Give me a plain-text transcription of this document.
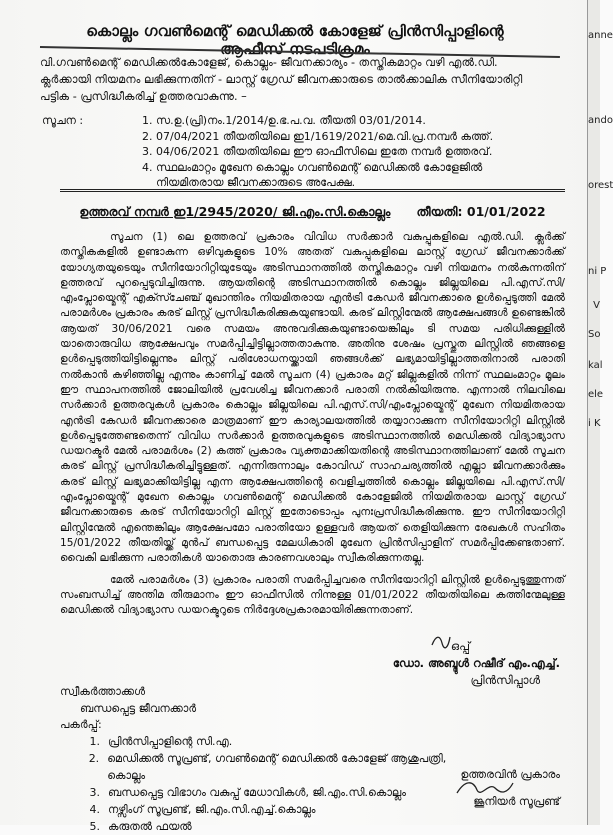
കൊല്ലം ഗവൺമെന്റ് മെഡിക്കൽ കോളേജ് പ്രിൻസിപ്പാളിന്റെ ആഫീസ് നടപടിക്രമം
വി.ഗവൺമെന്റ് മെഡിക്കൽകോളേജ്, കൊല്ലം- ജീവനക്കാര്യം - തസ്തികമാറ്റം വഴി എൽ.ഡി. ക്ലർക്കായി നിയമനം ലഭിക്കുന്നതിന് - ലാസ്റ്റ് ഗ്രേഡ് ജീവനക്കാരുടെ താൽക്കാലിക സീനിയോരിറ്റി പട്ടിക - പ്രസിദ്ധീകരിച്ച് ഉത്തരവാകുന്നു. –
സൂചന :	1. സ.ഉ.(പ്രി)നം.1/2014/ഉ.ഭ.പ.വ. തീയതി 03/01/2014.
2. 07/04/2021 തീയതിയിലെ ഇ1/1619/2021/മെ.വി.പ്ര.നമ്പർ കത്ത്.
3. 04/06/2021 തീയതിയിലെ ഈ ഓഫീസിലെ ഇതേ നമ്പർ ഉത്തരവ്.
4. സ്ഥലംമാറ്റം മൂഖേന കൊല്ലം ഗവൺമെന്റ് മെഡിക്കൽ കോളേജിൽ
നിയമിതരായ ജീവനക്കാരുടെ അപേക്ഷ.
ഉത്തരവ് നമ്പർ ഇ1/2945/2020/ ജി.എം.സി.കൊല്ലം തീയതി: 01/01/2022

സൂചന (1) ലെ ഉത്തരവ് പ്രകാരം വിവിധ സർക്കാർ വകുപ്പുകളിലെ എൽ.ഡി. ക്ലർക്ക് തസ്തികകളിൽ ഉണ്ടാകുന്ന ഒഴിവുകളുടെ 10% അതത് വകുപ്പുകളിലെ ലാസ്റ്റ് ഗ്രേഡ് ജീവനക്കാർക്ക് യോഗ്യതയുടെയും സീനിയോറിറ്റിയുടേയും അടിസ്ഥാനത്തിൽ തസ്തികമാറ്റം വഴി നിയമനം നൽകുന്നതിന് ഉത്തരവ് പുറപ്പെടുവിച്ചിരുന്നു. ആയതിന്റെ അടിസ്ഥാനത്തിൽ കൊല്ലം ജില്ലയിലെ പി.എസ്.സി/എംപ്ലോയ്മെന്റ് എക്സ്ചേഞ്ച് മുഖാന്തിരം നിയമിതരായ എൻട്രി കേഡർ ജീവനക്കാരെ ഉൾപ്പെടുത്തി മേൽ പരാമർശം പ്രകാരം കരട് ലിസ്റ്റ് പ്രസിദ്ധീകരിക്കുകയുണ്ടായി. കരട് ലിസ്റ്റിന്മേൽ ആക്ഷേപങ്ങൾ ഉണ്ടെങ്കിൽ ആയത് 30/06/2021 വരെ സമയം അനുവദിക്കുകയുണ്ടായെങ്കിലും ടി സമയ പരിധിക്കുള്ളിൽ യാതൊരുവിധ ആക്ഷേപവും സമർപ്പിച്ചിട്ടില്ലാത്തതാകുന്നു. അതിനു ശേഷം പ്രസ്തുത ലിസ്റ്റിൽ ഞങ്ങളെ ഉൾപ്പെടുത്തിയിട്ടില്ലെന്നും ലിസ്റ്റ് പരിശോധനയ്ക്കായി ഞങ്ങൾക്ക് ലഭ്യമായിട്ടില്ലാത്തതിനാൽ പരാതി നൽകാൻ കഴിഞ്ഞില്ല എന്നും കാണിച്ച് മേൽ സൂചന (4) പ്രകാരം മറ്റ് ജില്ലകളിൽ നിന്ന് സ്ഥലംമാറ്റം മൂലം ഈ സ്ഥാപനത്തിൽ ജോലിയിൽ പ്രവേശിച്ച ജീവനക്കാർ പരാതി നൽകിയിരുന്നു. എന്നാൽ നിലവിലെ സർക്കാർ ഉത്തരവുകൾ പ്രകാരം കൊല്ലം ജില്ലയിലെ പി.എസ്.സി/എംപ്ലോയ്മെന്റ് മുഖേന നിയമിതരായ എൻട്രി കേഡർ ജീവനക്കാരെ മാത്രമാണ് ഈ കാര്യാലയത്തിൽ തയ്യാറാക്കുന്ന സീനിയോറിറ്റി ലിസ്റ്റിൽ ഉൾപ്പെടുത്തേണ്ടതെന്ന് വിവിധ സർക്കാർ ഉത്തരവുകളുടെ അടിസ്ഥാനത്തിൽ മെഡിക്കൽ വിദ്യാഭ്യാസ ഡയറക്ടർ മേൽ പരാമർശം (2) കത്ത് പ്രകാരം വ്യക്തമാക്കിയതിന്റെ അടിസ്ഥാനത്തിലാണ് മേൽ സൂചന കരട് ലിസ്റ്റ് പ്രസിദ്ധീകരിച്ചിട്ടുള്ളത്. എന്നിരുന്നാലും കോവിഡ് സാഹചര്യത്തിൽ എല്ലാ ജീവനക്കാർക്കും കരട് ലിസ്റ്റ് ലഭ്യമാക്കിയിട്ടില്ല എന്ന ആക്ഷേപത്തിന്റെ വെളിച്ചത്തിൽ കൊല്ലം ജില്ലയിലെ പി.എസ്.സി/എംപ്ലോയ്മെന്റ് മുഖേന കൊല്ലം ഗവൺമെന്റ് മെഡിക്കൽ കോളേജിൽ നിയമിതരായ ലാസ്റ്റ് ഗ്രേഡ് ജീവനക്കാരുടെ കരട് സീനിയോറിറ്റി ലിസ്റ്റ് ഇതോടൊപ്പം പുനഃപ്രസിദ്ധീകരിക്കുന്നു. ഈ സീനിയോറിറ്റി ലിസ്റ്റിന്മേൽ എന്തെങ്കിലും ആക്ഷേപമോ പരാതിയോ ഉള്ളവർ ആയത് തെളിയിക്കുന്ന രേഖകൾ സഹിതം 15/01/2022 തീയതിയ്ക്ക് മുൻപ് ബന്ധപ്പെട്ട മേലധികാരി മുഖേന പ്രിൻസിപ്പാളിന് സമർപ്പിക്കേണ്ടതാണ്. വൈകി ലഭിക്കുന്ന പരാതികൾ യാതൊരു കാരണവശാലും സ്വീകരിക്കുന്നതല്ല.

മേൽ പരാമർശം (3) പ്രകാരം പരാതി സമർപ്പിച്ചവരെ സീനിയോറിറ്റി ലിസ്റ്റിൽ ഉൾപ്പെടുത്തുന്നത് സംബന്ധിച്ച് അന്തിമ തീരുമാനം ഈ ഓഫീസിൽ നിന്നുള്ള 01/01/2022 തീയതിയിലെ കത്തിന്മേലുള്ള മെഡിക്കൽ വിദ്യാഭ്യാസ ഡയറക്ടറുടെ നിർദ്ദേശപ്രകാരമായിരിക്കുന്നതാണ്.

ഒപ്പ്
ഡോ. അബ്ദുൾ റഷീദ് എം.എച്ച്.
പ്രിൻസിപ്പാൾ
സ്വീകർത്താക്കൾ
ബന്ധപ്പെട്ട ജീവനക്കാർ
പകർപ്പ്:
1. പ്രിൻസിപ്പാളിന്റെ സി.എ.
2. മെഡിക്കൽ സൂപ്രണ്ട്, ഗവൺമെന്റ് മെഡിക്കൽ കോളേജ് ആശുപത്രി, കൊല്ലം
3. ബന്ധപ്പെട്ട വിഭാഗം വകുപ്പ് മേധാവികൾ, ജി.എം.സി.കൊല്ലം
4. നഴ്സിംഗ് സൂപ്രണ്ട്, ജി.എം.സി.എച്ച്.കൊല്ലം
5. കരുതൽ ഫയൽ
ഉത്തരവിൻ പ്രകാരം
ജൂനിയർ സൂപ്രണ്ട്
anne
ando
orest
ni P
V
So
kal
ele
i K
